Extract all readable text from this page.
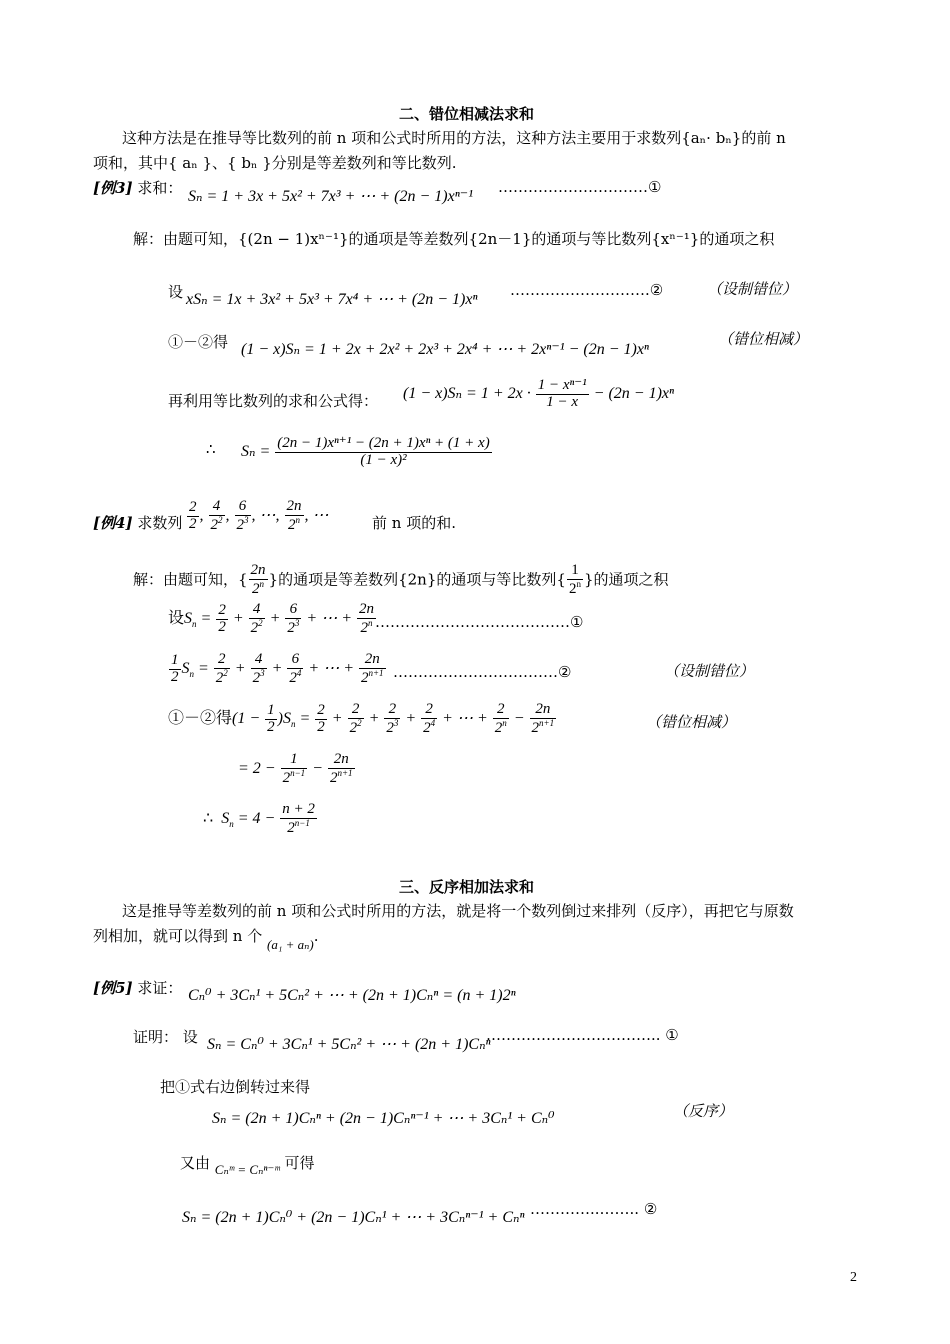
二、错位相减法求和
这种方法是在推导等比数列的前 n 项和公式时所用的方法，这种方法主要用于求数列{aₙ· bₙ}的前 n
项和，其中{ aₙ }、{ bₙ }分别是等差数列和等比数列.
[例3] 求和： Sₙ = 1 + 3x + 5x² + 7x³ + ⋯ + (2n − 1)xⁿ⁻¹
…………………………①
解：由题可知，{(2n − 1)xⁿ⁻¹}的通项是等差数列{2n－1}的通项与等比数列{xⁿ⁻¹}的通项之积
设 xSₙ = 1x + 3x² + 5x³ + 7x⁴ + ⋯ + (2n − 1)xⁿ
……………………….②	（设制错位）
①－②得 (1 − x)Sₙ = 1 + 2x + 2x² + 2x³ + 2x⁴ + ⋯ + 2xⁿ⁻¹ − (2n − 1)xⁿ
（错位相减）
再利用等比数列的求和公式得： $(1 - x)S_n = 1 + 2x \cdot \frac{\text{1 − xⁿ⁻¹}}{1 - x} - (2n - 1)x^n$
∴ $S_n = \frac{\text{(2n − 1)xⁿ⁺¹ − (2n + 1)xⁿ + (1 + x)}}{\text{(1 − x)²}}$
[例4] 求数列 $\frac{2}{2}$ , $\frac{4}{2^2}$ , $\frac{6}{2^3}$ , ⋯, $\frac{2n}{2^n}$ , ⋯	前 n 项的和.
解：由题可知，{ $\frac{2n}{2^n}$ }的通项是等差数列{2n}的通项与等比数列{ $\frac{1}{2^n}$ }的通项之积
设$S_n = \frac{2}{2} + \frac{4}{2^2} + \frac{6}{2^3}$ + ⋯ + $\frac{2n}{2^n}$ …………………………………①
$\frac{1}{2} S_n = \frac{2}{2^2} + \frac{4}{2^3} + \frac{6}{2^4}$ + ⋯ + $\frac{2n}{2^{n+1}}$ ……………………………②	（设制错位）
①－②得$(1 - \frac{1}{2} )S_n = \frac{2}{2} + \frac{2}{2^2} + \frac{2}{2^3} + \frac{2}{2^4}$ + ⋯ + $\frac{2}{2^n} - \frac{2n}{2^{n+1}}$	（错位相减）
= $2 - \frac{1}{2^{n-1}} - \frac{2n}{2^{n+1}}$
∴  $S_n = 4 - \frac{n + 2}{2^{n-1}}$
三、反序相加法求和
这是推导等差数列的前 n 项和公式时所用的方法，就是将一个数列倒过来排列（反序），再把它与原数
列相加，就可以得到 n 个 (a₁ + aₙ).
[例5] 求证： Cₙ⁰ + 3Cₙ¹ + 5Cₙ² + ⋯ + (2n + 1)Cₙⁿ = (n + 1)2ⁿ
证明： 设 Sₙ = Cₙ⁰ + 3Cₙ¹ + 5Cₙ² + ⋯ + (2n + 1)Cₙⁿ
…………………………….. ①
把①式右边倒转过来得
Sₙ = (2n + 1)Cₙⁿ + (2n − 1)Cₙⁿ⁻¹ + ⋯ + 3Cₙ¹ + Cₙ⁰	（反序）
又由 Cₙᵐ = Cₙⁿ⁻ᵐ 可得
Sₙ = (2n + 1)Cₙ⁰ + (2n − 1)Cₙ¹ + ⋯ + 3Cₙⁿ⁻¹ + Cₙⁿ …………..…….. ②
2
